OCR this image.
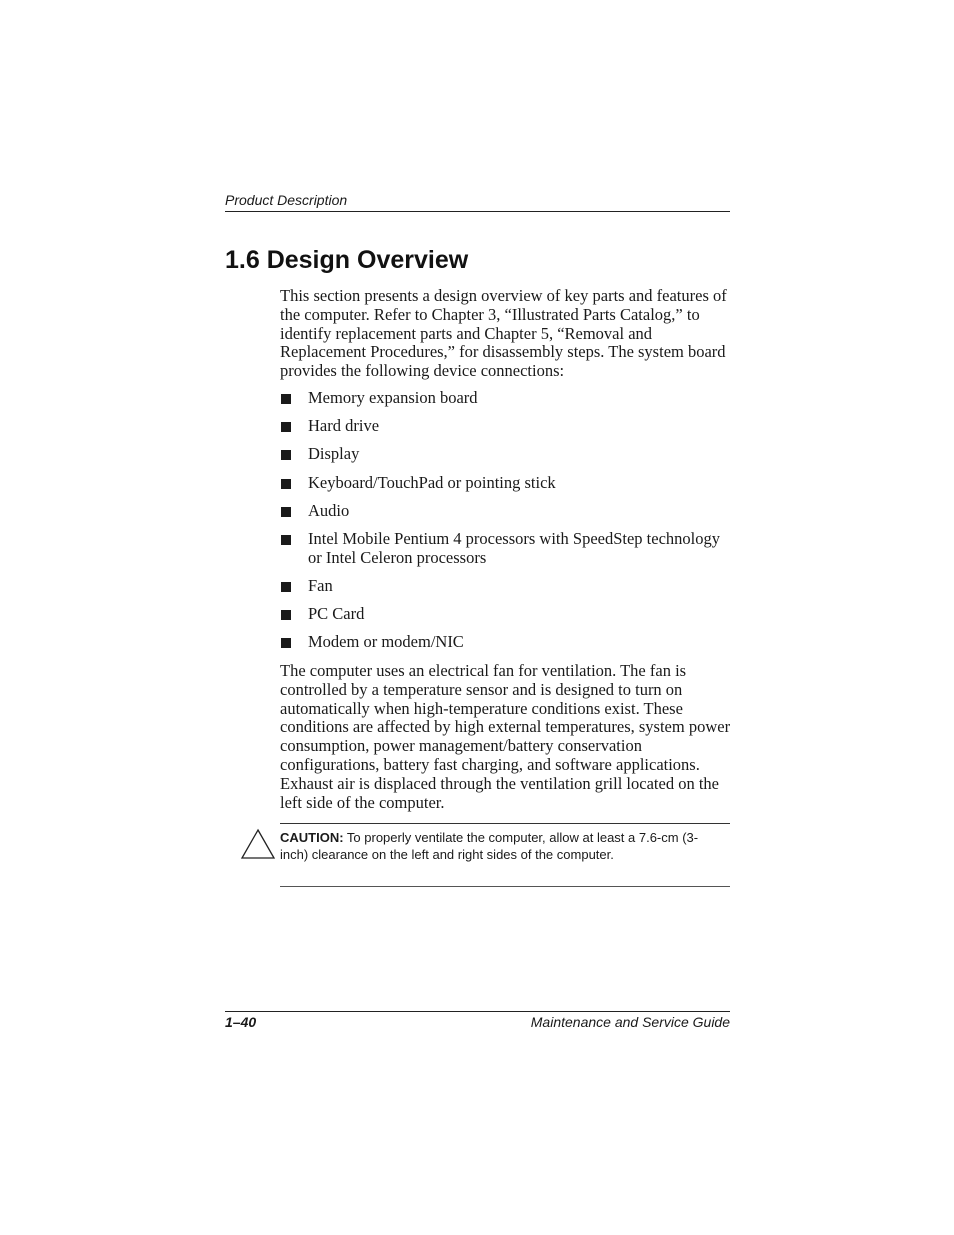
Product Description
1.6 Design Overview

This section presents a design overview of key parts and features of the computer. Refer to Chapter 3, “Illustrated Parts Catalog,” to identify replacement parts and Chapter 5, “Removal and Replacement Procedures,” for disassembly steps. The system board provides the following device connections:

Memory expansion board
Hard drive
Display
Keyboard/TouchPad or pointing stick
Audio
Intel Mobile Pentium 4 processors with SpeedStep technology or Intel Celeron processors
Fan
PC Card
Modem or modem/NIC

The computer uses an electrical fan for ventilation. The fan is controlled by a temperature sensor and is designed to turn on automatically when high-temperature conditions exist. These conditions are affected by high external temperatures, system power consumption, power management/battery conservation configurations, battery fast charging, and software applications. Exhaust air is displaced through the ventilation grill located on the left side of the computer.

CAUTION: To properly ventilate the computer, allow at least a 7.6-cm (3-inch) clearance on the left and right sides of the computer.

1–40	Maintenance and Service Guide
